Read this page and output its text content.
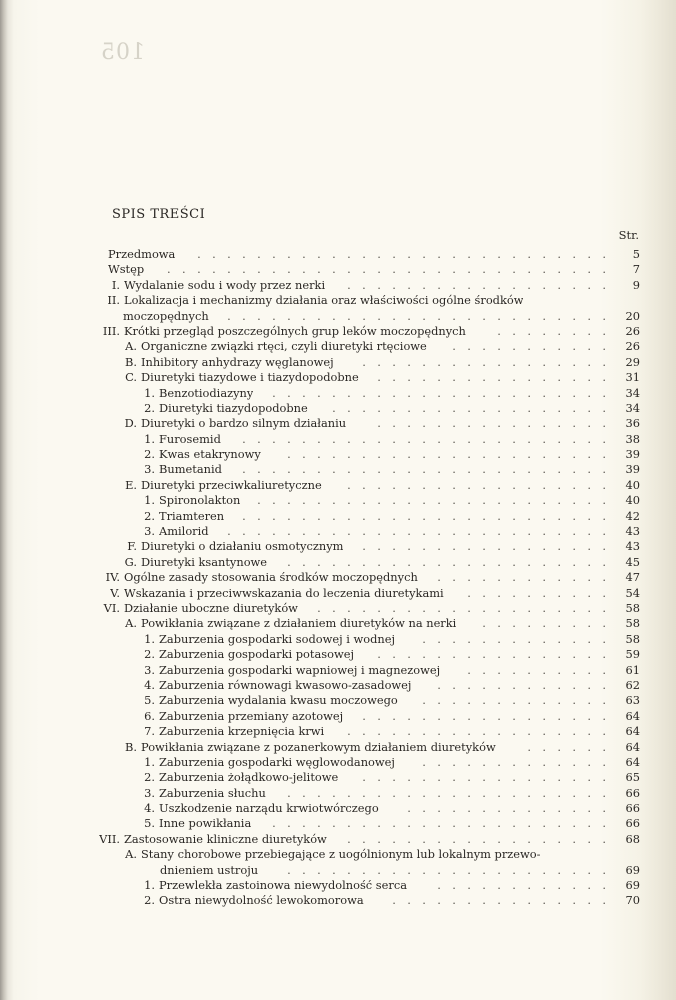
105
SPIS TREŚCI
Str.
Przedmowa	.  .  .  .  .  .  .  .  .  .  .  .  .  .  .  .  .  .  .  .  .  .  .  .  .  .  .  .	5
Wstęp	.  .  .  .  .  .  .  .  .  .  .  .  .  .  .  .  .  .  .  .  .  .  .  .  .  .  .  .  .  .	7
I. Wydalanie sodu i wody przez nerki	.  .  .  .  .  .  .  .  .  .  .  .  .  .  .  .  .  .	9
II. Lokalizacja i mechanizmy działania oraz właściwości ogólne środków
moczopędnych	.  .  .  .  .  .  .  .  .  .  .  .  .  .  .  .  .  .  .  .  .  .  .  .  .  .	20
III. Krótki przegląd poszczególnych grup leków moczopędnych	.  .  .  .  .  .  .  .	26
A. Organiczne związki rtęci, czyli diuretyki rtęciowe	.  .  .  .  .  .  .  .  .  .  .	26
B. Inhibitory anhydrazy węglanowej	.  .  .  .  .  .  .  .  .  .  .  .  .  .  .  .  .	29
C. Diuretyki tiazydowe i tiazydopodobne	.  .  .  .  .  .  .  .  .  .  .  .  .  .  .  .	31
1. Benzotiodiazyny	.  .  .  .  .  .  .  .  .  .  .  .  .  .  .  .  .  .  .  .  .  .  .	34
2. Diuretyki tiazydopodobne	.  .  .  .  .  .  .  .  .  .  .  .  .  .  .  .  .  .  .	34
D. Diuretyki o bardzo silnym działaniu	.  .  .  .  .  .  .  .  .  .  .  .  .  .  .  .	36
1. Furosemid	.  .  .  .  .  .  .  .  .  .  .  .  .  .  .  .  .  .  .  .  .  .  .  .  .	38
2. Kwas etakrynowy	.  .  .  .  .  .  .  .  .  .  .  .  .  .  .  .  .  .  .  .  .  .	39
3. Bumetanid	.  .  .  .  .  .  .  .  .  .  .  .  .  .  .  .  .  .  .  .  .  .  .  .  .	39
E. Diuretyki przeciwkaliuretyczne	.  .  .  .  .  .  .  .  .  .  .  .  .  .  .  .  .  .	40
1. Spironolakton	.  .  .  .  .  .  .  .  .  .  .  .  .  .  .  .  .  .  .  .  .  .  .  .	40
2. Triamteren	.  .  .  .  .  .  .  .  .  .  .  .  .  .  .  .  .  .  .  .  .  .  .  .  .	42
3. Amilorid	.  .  .  .  .  .  .  .  .  .  .  .  .  .  .  .  .  .  .  .  .  .  .  .  .  .	43
F. Diuretyki o działaniu osmotycznym	.  .  .  .  .  .  .  .  .  .  .  .  .  .  .  .  .	43
G. Diuretyki ksantynowe	.  .  .  .  .  .  .  .  .  .  .  .  .  .  .  .  .  .  .  .  .  .	45
IV. Ogólne zasady stosowania środków moczopędnych	.  .  .  .  .  .  .  .  .  .  .  .	47
V. Wskazania i przeciwwskazania do leczenia diuretykami	.  .  .  .  .  .  .  .  .  .	54
VI. Działanie uboczne diuretyków	.  .  .  .  .  .  .  .  .  .  .  .  .  .  .  .  .  .  .  .	58
A. Powikłania związane z działaniem diuretyków na nerki	.  .  .  .  .  .  .  .  .	58
1. Zaburzenia gospodarki sodowej i wodnej	.  .  .  .  .  .  .  .  .  .  .  .  .	58
2. Zaburzenia gospodarki potasowej	.  .  .  .  .  .  .  .  .  .  .  .  .  .  .  .	59
3. Zaburzenia gospodarki wapniowej i magnezowej	.  .  .  .  .  .  .  .  .  .	61
4. Zaburzenia równowagi kwasowo-zasadowej	.  .  .  .  .  .  .  .  .  .  .  .	62
5. Zaburzenia wydalania kwasu moczowego	.  .  .  .  .  .  .  .  .  .  .  .  .	63
6. Zaburzenia przemiany azotowej	.  .  .  .  .  .  .  .  .  .  .  .  .  .  .  .  .	64
7. Zaburzenia krzepnięcia krwi	.  .  .  .  .  .  .  .  .  .  .  .  .  .  .  .  .  .	64
B. Powikłania związane z pozanerkowym działaniem diuretyków	.  .  .  .  .  .	64
1. Zaburzenia gospodarki węglowodanowej	.  .  .  .  .  .  .  .  .  .  .  .  .	64
2. Zaburzenia żołądkowo-jelitowe	.  .  .  .  .  .  .  .  .  .  .  .  .  .  .  .  .	65
3. Zaburzenia słuchu	.  .  .  .  .  .  .  .  .  .  .  .  .  .  .  .  .  .  .  .  .  .	66
4. Uszkodzenie narządu krwiotwórczego	.  .  .  .  .  .  .  .  .  .  .  .  .  .	66
5. Inne powikłania	.  .  .  .  .  .  .  .  .  .  .  .  .  .  .  .  .  .  .  .  .  .  .	66
VII. Zastosowanie kliniczne diuretyków	.  .  .  .  .  .  .  .  .  .  .  .  .  .  .  .  .  .	68
A. Stany chorobowe przebiegające z uogólnionym lub lokalnym przewo-
dnieniem ustroju	.  .  .  .  .  .  .  .  .  .  .  .  .  .  .  .  .  .  .  .  .  .	69
1. Przewlekła zastoinowa niewydolność serca	.  .  .  .  .  .  .  .  .  .  .  .	69
2. Ostra niewydolność lewokomorowa	.  .  .  .  .  .  .  .  .  .  .  .  .  .  .	70
